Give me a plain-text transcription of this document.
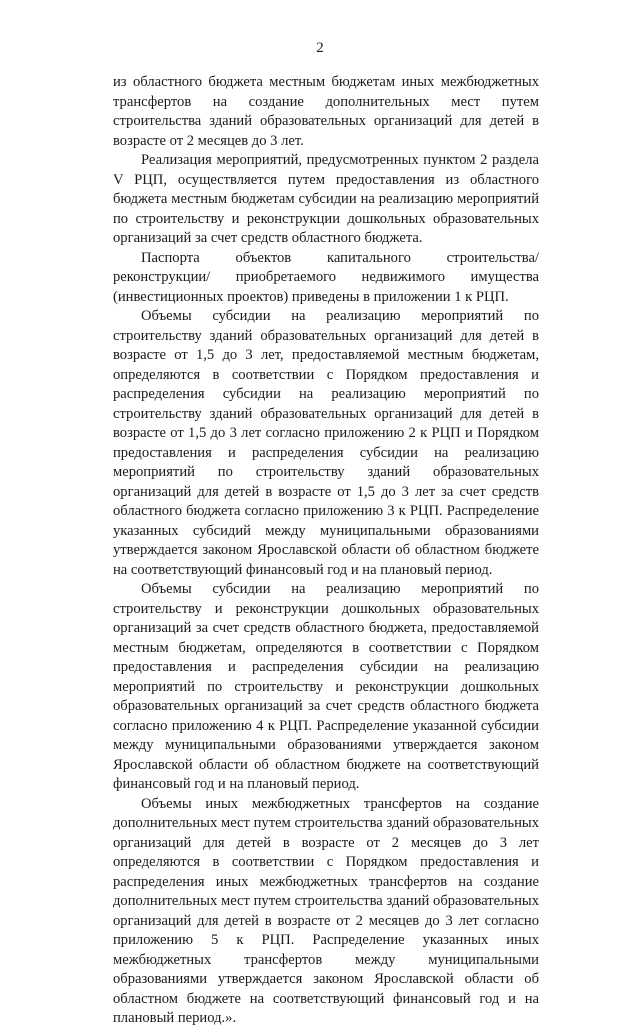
2

из областного бюджета местным бюджетам иных межбюджетных трансфертов на создание дополнительных мест путем строительства зданий образовательных организаций для детей в возрасте от 2 месяцев до 3 лет.

Реализация мероприятий, предусмотренных пунктом 2 раздела V РЦП, осуществляется путем предоставления из областного бюджета местным бюджетам субсидии на реализацию мероприятий по строительству и реконструкции дошкольных образовательных организаций за счет средств областного бюджета.

Паспорта объектов капитального строительства/ реконструкции/ приобретаемого недвижимого имущества (инвестиционных проектов) приведены в приложении 1 к РЦП.

Объемы субсидии на реализацию мероприятий по строительству зданий образовательных организаций для детей в возрасте от 1,5 до 3 лет, предоставляемой местным бюджетам, определяются в соответствии с Порядком предоставления и распределения субсидии на реализацию мероприятий по строительству зданий образовательных организаций для детей в возрасте от 1,5 до 3 лет согласно приложению 2 к РЦП и Порядком предоставления и распределения субсидии на реализацию мероприятий по строительству зданий образовательных организаций для детей в возрасте от 1,5 до 3 лет за счет средств областного бюджета согласно приложению 3 к РЦП. Распределение указанных субсидий между муниципальными образованиями утверждается законом Ярославской области об областном бюджете на соответствующий финансовый год и на плановый период.

Объемы субсидии на реализацию мероприятий по строительству и реконструкции дошкольных образовательных организаций за счет средств областного бюджета, предоставляемой местным бюджетам, определяются в соответствии с Порядком предоставления и распределения субсидии на реализацию мероприятий по строительству и реконструкции дошкольных образовательных организаций за счет средств областного бюджета согласно приложению 4 к РЦП. Распределение указанной субсидии между муниципальными образованиями утверждается законом Ярославской области об областном бюджете на соответствующий финансовый год и на плановый период.

Объемы иных межбюджетных трансфертов на создание дополнительных мест путем строительства зданий образовательных организаций для детей в возрасте от 2 месяцев до 3 лет определяются в соответствии с Порядком предоставления и распределения иных межбюджетных трансфертов на создание дополнительных мест путем строительства зданий образовательных организаций для детей в возрасте от 2 месяцев до 3 лет согласно приложению 5 к РЦП. Распределение указанных иных межбюджетных трансфертов между муниципальными образованиями утверждается законом Ярославской области об областном бюджете на соответствующий финансовый год и на плановый период.».
